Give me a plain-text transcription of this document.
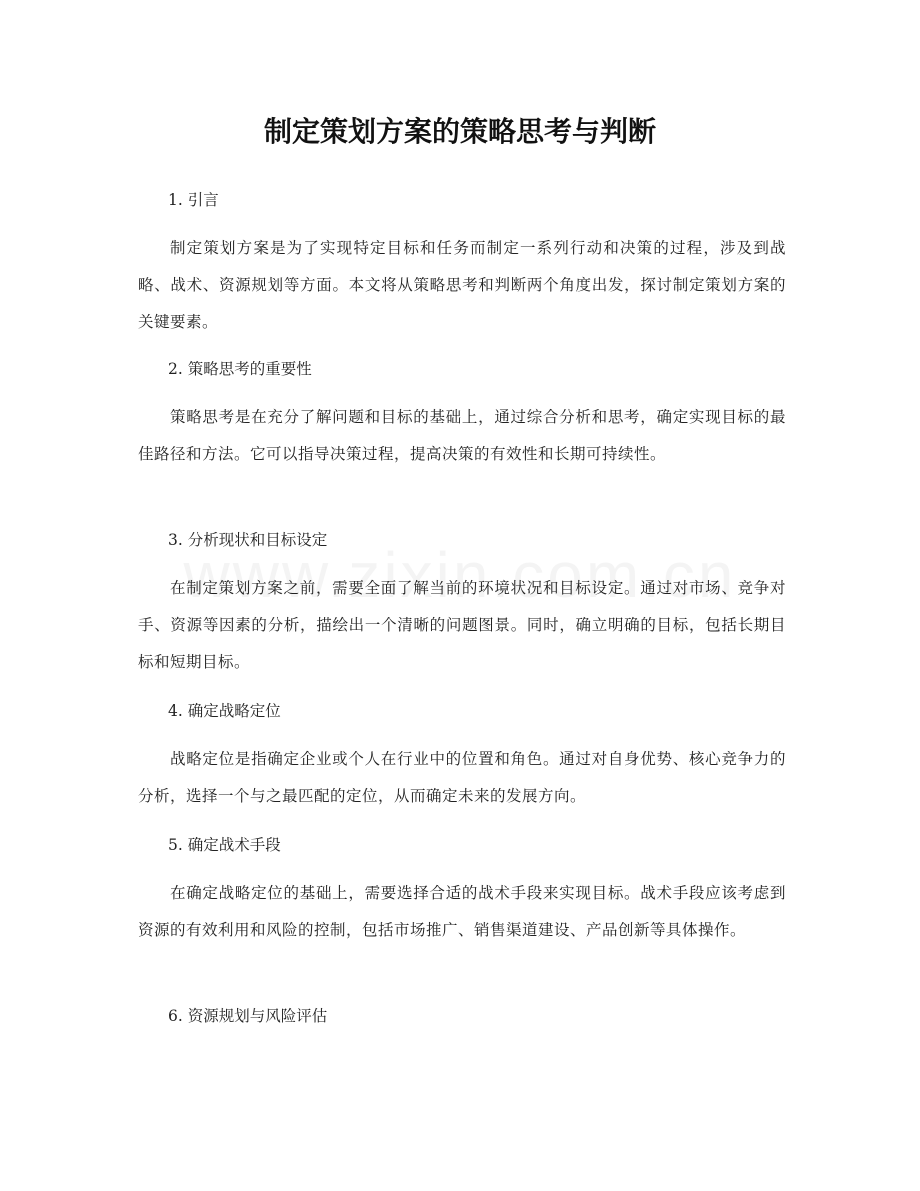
制定策划方案的策略思考与判断

1. 引言

制定策划方案是为了实现特定目标和任务而制定一系列行动和决策的过程，涉及到战略、战术、资源规划等方面。本文将从策略思考和判断两个角度出发，探讨制定策划方案的关键要素。

2. 策略思考的重要性

策略思考是在充分了解问题和目标的基础上，通过综合分析和思考，确定实现目标的最佳路径和方法。它可以指导决策过程，提高决策的有效性和长期可持续性。

3. 分析现状和目标设定

在制定策划方案之前，需要全面了解当前的环境状况和目标设定。通过对市场、竞争对手、资源等因素的分析，描绘出一个清晰的问题图景。同时，确立明确的目标，包括长期目标和短期目标。

4. 确定战略定位

战略定位是指确定企业或个人在行业中的位置和角色。通过对自身优势、核心竞争力的分析，选择一个与之最匹配的定位，从而确定未来的发展方向。

5. 确定战术手段

在确定战略定位的基础上，需要选择合适的战术手段来实现目标。战术手段应该考虑到资源的有效利用和风险的控制，包括市场推广、销售渠道建设、产品创新等具体操作。

6. 资源规划与风险评估
